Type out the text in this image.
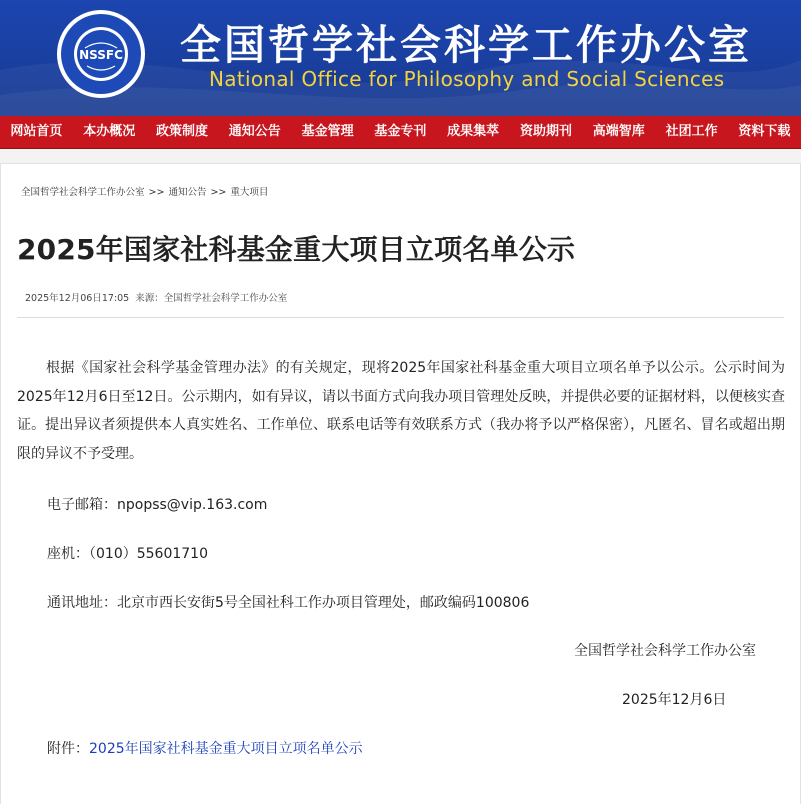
NSSFC 全国哲学社会科学工作办公室
National Office for Philosophy and Social Sciences
网站首页	本办概况	政策制度	通知公告	基金管理	基金专刊	成果集萃	资助期刊	高端智库	社团工作	资料下载
全国哲学社会科学工作办公室 >> 通知公告 >> 重大项目
2025年国家社科基金重大项目立项名单公示
2025年12月06日17:05 来源：全国哲学社会科学工作办公室

根据《国家社会科学基金管理办法》的有关规定，现将2025年国家社科基金重大项目立项名单予以公示。公示时间为2025年12月6日至12日。公示期内，如有异议，请以书面方式向我办项目管理处反映，并提供必要的证据材料，以便核实查证。提出异议者须提供本人真实姓名、工作单位、联系电话等有效联系方式（我办将予以严格保密），凡匿名、冒名或超出期限的异议不予受理。

电子邮箱：npopss@vip.163.com
座机：（010）55601710
通讯地址：北京市西长安街5号全国社科工作办项目管理处，邮政编码100806
全国哲学社会科学工作办公室
2025年12月6日
附件：2025年国家社科基金重大项目立项名单公示
